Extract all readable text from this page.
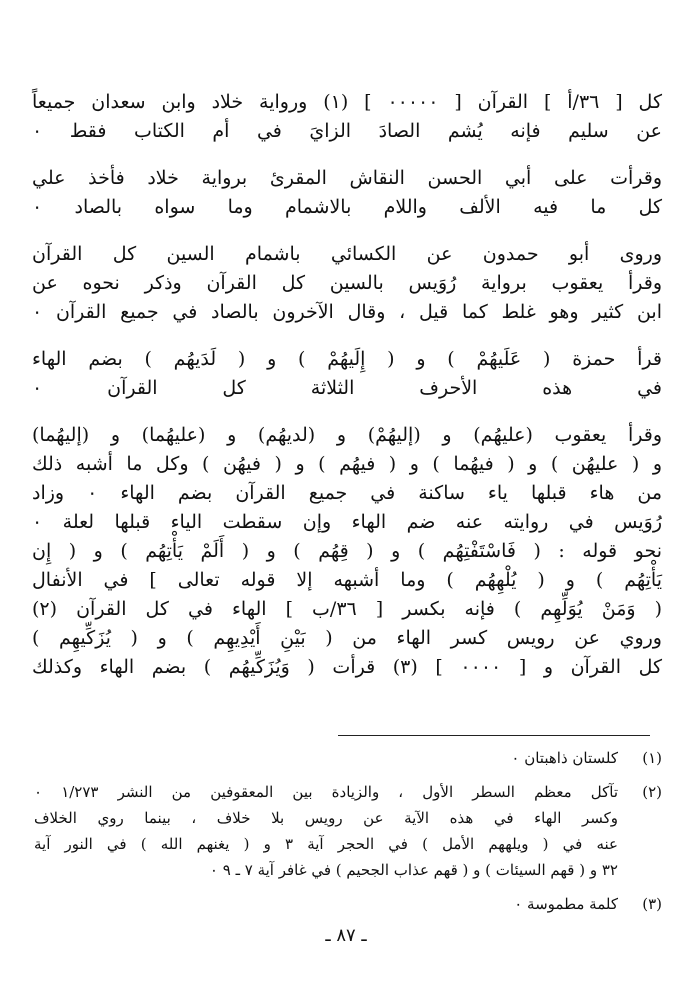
كل [ ٣٦/أ ] القرآن [ ٠٠٠٠٠ ] (١) ورواية خلاد وابن سعدان جميعاً
عن سليم فإنه يُشم الصادَ الزايَ في أم الكتاب فقط ٠
وقرأت على أبي الحسن النقاش المقرئ برواية خلاد فأخذ علي
كل ما فيه الألف واللام بالاشمام وما سواه بالصاد ٠
وروى أبو حمدون عن الكسائي باشمام السين كل القرآن
وقرأ يعقوب برواية رُوَيس بالسين كل القرآن وذكر نحوه عن
ابن كثير وهو غلط كما قيل ، وقال الآخرون بالصاد في جميع القرآن ٠
قرأ حمزة ( عَلَيهُمْ ) و ( إِلَيهُمْ ) و ( لَدَيهُم ) بضم الهاء
في هذه الأحرف الثلاثة كل القرآن ٠
وقرأ يعقوب (عليهُم) و (إليهُمْ) و (لديهُم) و (عليهُما) و (إليهُما)
و ( عليهُن ) و ( فيهُما ) و ( فيهُم ) و ( فيهُن ) وكل ما أشبه ذلك
من هاء قبلها ياء ساكنة في جميع القرآن بضم الهاء ٠ وزاد
رُوَيس في روايته عنه ضم الهاء وإن سقطت الياء قبلها لعلة ٠
نحو قوله : ( فَاسْتَفْتِهُم ) و ( قِهُم ) و ( أَلَمْ يَأْتِهُم ) و ( إِن
يَأْتِهُم ) و ( يُلْهِهُم ) وما أشبهه إلا قوله تعالى ] في الأنفال
( وَمَنْ يُوَلِّهِم ) فإنه بكسر [ ٣٦/ب ] الهاء في كل القرآن (٢)
وروي عن رويس كسر الهاء من ( بَيْنِ أَيْدِيهِم ) و ( يُزَكِّيهِم )
كل القرآن و [ ٠٠٠٠ ] (٣) قرأت ( وَيُزَكِّيهُم ) بضم الهاء وكذلك
(١)
كلستان ذاهبتان ٠
(٢)
تآكل معظم السطر الأول ، والزيادة بين المعقوفين من النشر ١/٢٧٣ ٠
وكسر الهاء في هذه الآية عن رويس بلا خلاف ، بينما روي الخلاف
عنه في ( ويلههم الأمل ) في الحجر آية ٣ و ( يغنهم الله ) في النور آية
٣٢ و ( قهم السيئات ) و ( قهم عذاب الجحيم ) في غافر آية ٧ ـ ٩ ٠
(٣)
كلمة مطموسة ٠
ـ ٨٧ ـ
